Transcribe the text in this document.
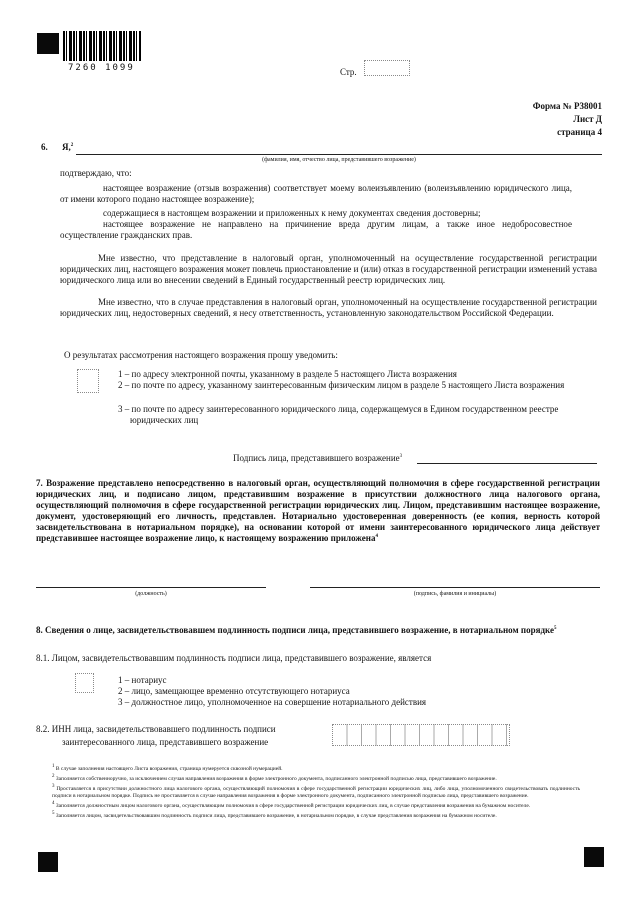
7260 1099	Стр.
Форма № Р38001
Лист Д
страница 4
6. Я,$^2$
(фамилия, имя, отчество лица, представившего возражение)
подтверждаю, что:
настоящее возражение (отзыв возражения) соответствует моему волеизъявлению (волеизъявлению юридического лица, от имени которого подано настоящее возражение);
содержащиеся в настоящем возражении и приложенных к нему документах сведения достоверны;
настоящее возражение не направлено на причинение вреда другим лицам, а также иное недобросовестное осуществление гражданских прав.
Мне известно, что представление в налоговый орган, уполномоченный на осуществление государственной регистрации юридических лиц, настоящего возражения может повлечь приостановление и (или) отказ в государственной регистрации изменений устава юридического лица или во внесении сведений в Единый государственный реестр юридических лиц.
Мне известно, что в случае представления в налоговый орган, уполномоченный на осуществление государственной регистрации юридических лиц, недостоверных сведений, я несу ответственность, установленную законодательством Российской Федерации.
О результатах рассмотрения настоящего возражения прошу уведомить:
1 – по адресу электронной почты, указанному в разделе 5 настоящего Листа возражения
2 – по почте по адресу, указанному заинтересованным физическим лицом в разделе 5 настоящего Листа возражения
3 – по почте по адресу заинтересованного юридического лица, содержащемуся в Едином государственном реестре юридических лиц
Подпись лица, представившего возражение$^3$
7. Возражение представлено непосредственно в налоговый орган, осуществляющий полномочия в сфере государственной регистрации юридических лиц, и подписано лицом, представившим возражение в присутствии должностного лица налогового органа, осуществляющий полномочия в сфере государственной регистрации юридических лиц. Лицом, представившим настоящее возражение, документ, удостоверяющий его личность, представлен. Нотариально удостоверенная доверенность (ее копия, верность которой засвидетельствована в нотариальном порядке), на основании которой от имени заинтересованного юридического лица действует представившее настоящее возражение лицо, к настоящему возражению приложена$^4$
(должность)	(подпись, фамилия и инициалы)
8. Сведения о лице, засвидетельствовавшем подлинность подписи лица, представившего возражение, в нотариальном порядке$^5$
8.1. Лицом, засвидетельствовавшим подлинность подписи лица, представившего возражение, является
1 – нотариус
2 – лицо, замещающее временно отсутствующего нотариуса
3 – должностное лицо, уполномоченное на совершение нотариального действия
8.2. ИНН лица, засвидетельствовавшего подлинность подписи
заинтересованного лица, представившего возражение
$^1$ В случае заполнения настоящего Листа возражения, страница нумеруется сквозной нумерацией.
$^2$ Заполняется собственноручно, за исключением случая направления возражения в форме электронного документа, подписанного электронной подписью лица, представившего возражение.
$^3$ Проставляется в присутствии должностного лица налогового органа, осуществляющий полномочия в сфере государственной регистрации юридических лиц, либо лица, уполномоченного свидетельствовать подлинность подписи в нотариальном порядке. Подпись не проставляется в случае направления возражения в форме электронного документа, подписанного электронной подписью лица, представившего возражение.
$^4$ Заполняется должностным лицом налогового органа, осуществляющим полномочия в сфере государственной регистрации юридических лиц, в случае представления возражения на бумажном носителе.
$^5$ Заполняется лицом, засвидетельствовавшим подлинность подписи лица, представившего возражение, в нотариальном порядке, в случае представления возражения на бумажном носителе.
